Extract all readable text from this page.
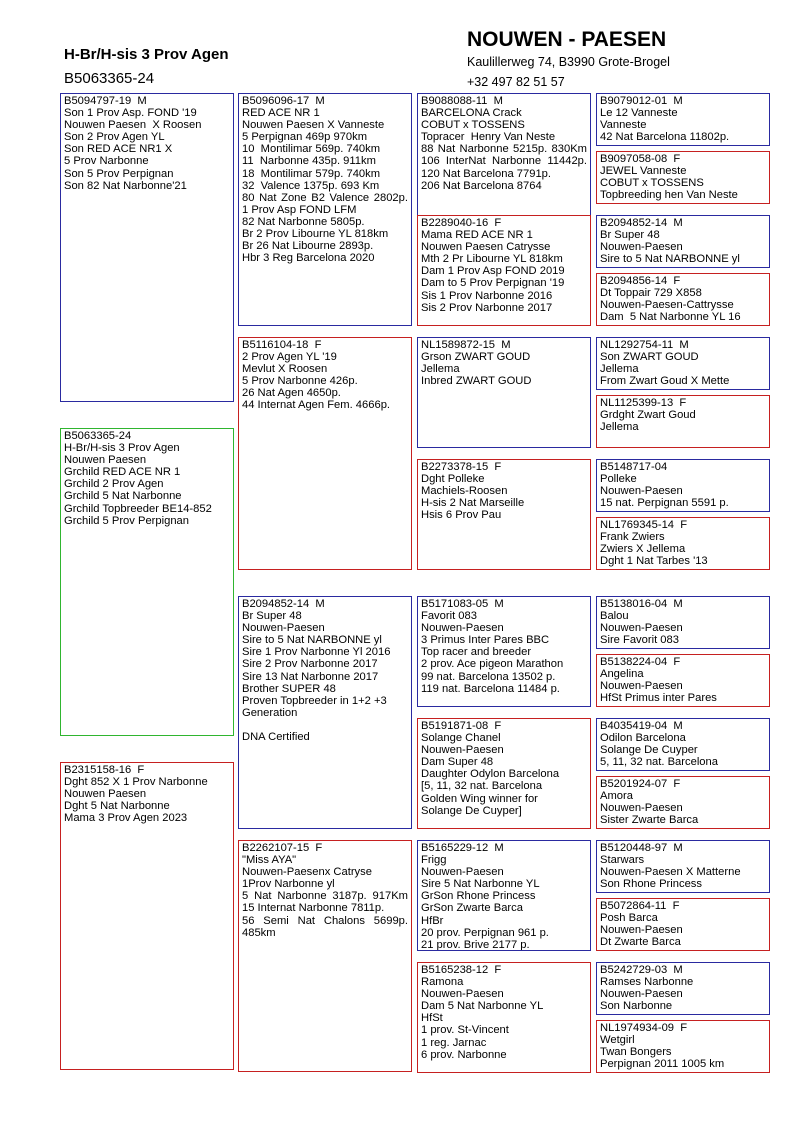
H-Br/H-sis 3 Prov Agen
B5063365-24
NOUWEN - PAESEN
Kaulillerweg 74, B3990 Grote-Brogel
+32 497 82 51 57
B5094797-19  M
Son 1 Prov Asp. FOND '19
Nouwen Paesen  X Roosen
Son 2 Prov Agen YL
Son RED ACE NR1 X
5 Prov Narbonne
Son 5 Prov Perpignan
Son 82 Nat Narbonne'21
B5063365-24
H-Br/H-sis 3 Prov Agen
Nouwen Paesen
Grchild RED ACE NR 1
Grchild 2 Prov Agen
Grchild 5 Nat Narbonne
Grchild Topbreeder BE14-852
Grchild 5 Prov Perpignan
B2315158-16  F
Dght 852 X 1 Prov Narbonne
Nouwen Paesen
Dght 5 Nat Narbonne
Mama 3 Prov Agen 2023
B5096096-17  M
RED ACE NR 1
Nouwen Paesen X Vanneste
5 Perpignan 469p 970km
10  Montilimar 569p. 740km
11  Narbonne 435p. 911km
18  Montilimar 579p. 740km
32  Valence 1375p. 693 Km
80 Nat Zone B2 Valence 2802p.
1 Prov Asp FOND LFM
82 Nat Narbonne 5805p.
Br 2 Prov Libourne YL 818km
Br 26 Nat Libourne 2893p.
Hbr 3 Reg Barcelona 2020
B5116104-18  F
2 Prov Agen YL '19
Mevlut X Roosen
5 Prov Narbonne 426p.
26 Nat Agen 4650p.
44 Internat Agen Fem. 4666p.
B2094852-14  M
Br Super 48
Nouwen-Paesen
Sire to 5 Nat NARBONNE yl
Sire 1 Prov Narbonne Yl 2016
Sire 2 Prov Narbonne 2017
Sire 13 Nat Narbonne 2017
Brother SUPER 48
Proven Topbreeder in 1+2 +3 Generation
DNA Certified
B2262107-15  F
"Miss AYA"
Nouwen-Paesenx Catryse
1Prov Narbonne yl
5 Nat Narbonne 3187p. 917Km
15 Internat Narbonne 7811p.
56 Semi Nat Chalons 5699p. 485km
B9088088-11  M
BARCELONA Crack
COBUT x TOSSENS
Topracer  Henry Van Neste
88 Nat Narbonne 5215p. 830Km
106 InterNat Narbonne 11442p.
120 Nat Barcelona 7791p.
206 Nat Barcelona 8764
B2289040-16  F
Mama RED ACE NR 1
Nouwen Paesen Catrysse
Mth 2 Pr Libourne YL 818km
Dam 1 Prov Asp FOND 2019
Dam to 5 Prov Perpignan '19
Sis 1 Prov Narbonne 2016
Sis 2 Prov Narbonne 2017
NL1589872-15  M
Grson ZWART GOUD
Jellema
Inbred ZWART GOUD
B2273378-15  F
Dght Polleke
Machiels-Roosen
H-sis 2 Nat Marseille
Hsis 6 Prov Pau
B5171083-05  M
Favorit 083
Nouwen-Paesen
3 Primus Inter Pares BBC
Top racer and breeder
2 prov. Ace pigeon Marathon
99 nat. Barcelona 13502 p.
119 nat. Barcelona 11484 p.
B5191871-08  F
Solange Chanel
Nouwen-Paesen
Dam Super 48
Daughter Odylon Barcelona
[5, 11, 32 nat. Barcelona
Golden Wing winner for
Solange De Cuyper]
B5165229-12  M
Frigg
Nouwen-Paesen
Sire 5 Nat Narbonne YL
GrSon Rhone Princess
GrSon Zwarte Barca
HfBr
20 prov. Perpignan 961 p.
21 prov. Brive 2177 p.
B5165238-12  F
Ramona
Nouwen-Paesen
Dam 5 Nat Narbonne YL
HfSt
1 prov. St-Vincent
1 reg. Jarnac
6 prov. Narbonne
B9079012-01  M
Le 12 Vanneste
Vanneste
42 Nat Barcelona 11802p.
B9097058-08  F
JEWEL Vanneste
COBUT x TOSSENS
Topbreeding hen Van Neste
B2094852-14  M
Br Super 48
Nouwen-Paesen
Sire to 5 Nat NARBONNE yl
B2094856-14  F
Dt Toppair 729 X858
Nouwen-Paesen-Cattrysse
Dam  5 Nat Narbonne YL 16
NL1292754-11  M
Son ZWART GOUD
Jellema
From Zwart Goud X Mette
NL1125399-13  F
Grdght Zwart Goud
Jellema
B5148717-04
Polleke
Nouwen-Paesen
15 nat. Perpignan 5591 p.
NL1769345-14  F
Frank Zwiers
Zwiers X Jellema
Dght 1 Nat Tarbes '13
B5138016-04  M
Balou
Nouwen-Paesen
Sire Favorit 083
B5138224-04  F
Angelina
Nouwen-Paesen
HfSt Primus inter Pares
B4035419-04  M
Odilon Barcelona
Solange De Cuyper
5, 11, 32 nat. Barcelona
B5201924-07  F
Amora
Nouwen-Paesen
Sister Zwarte Barca
B5120448-97  M
Starwars
Nouwen-Paesen X Matterne
Son Rhone Princess
B5072864-11  F
Posh Barca
Nouwen-Paesen
Dt Zwarte Barca
B5242729-03  M
Ramses Narbonne
Nouwen-Paesen
Son Narbonne
NL1974934-09  F
Wetgirl
Twan Bongers
Perpignan 2011 1005 km
